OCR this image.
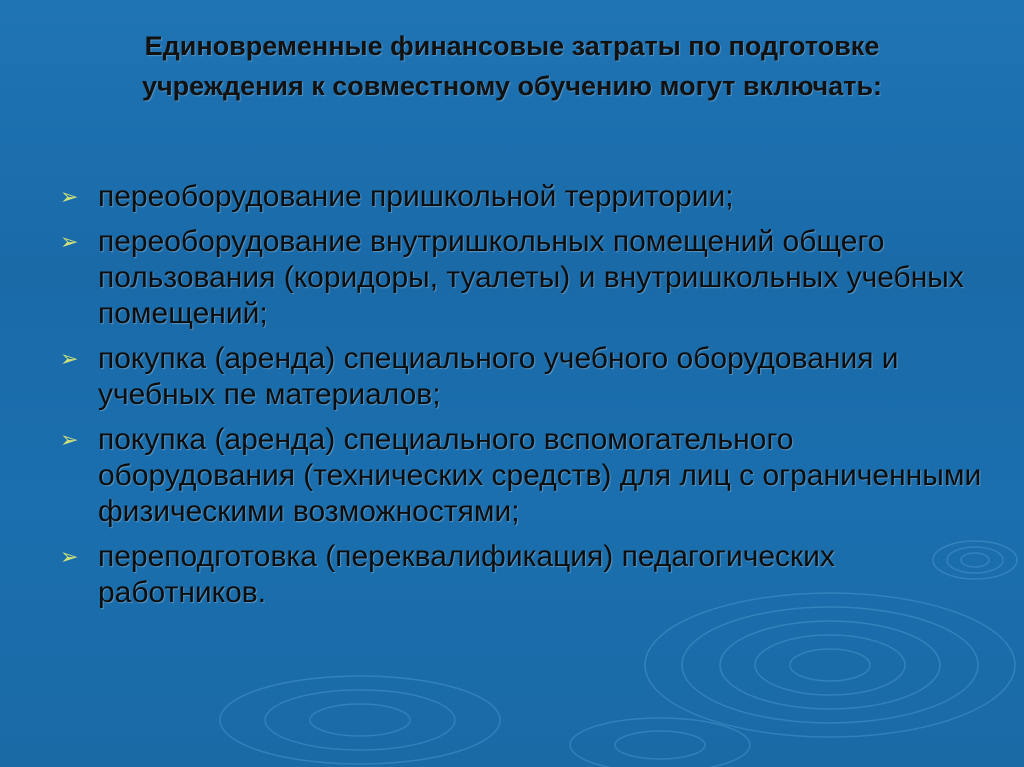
Единовременные финансовые затраты по подготовке учреждения к совместному обучению могут включать:
➢ переоборудование пришкольной территории;
➢ переоборудование внутришкольных помещений общего пользования (коридоры, туалеты) и внутришкольных учебных помещений;
➢ покупка (аренда) специального учебного оборудования и учебных пе материалов;
➢ покупка (аренда) специального вспомогательного оборудования (технических средств) для лиц с ограниченными физическими возможностями;
➢ переподготовка (переквалификация) педагогических работников.
